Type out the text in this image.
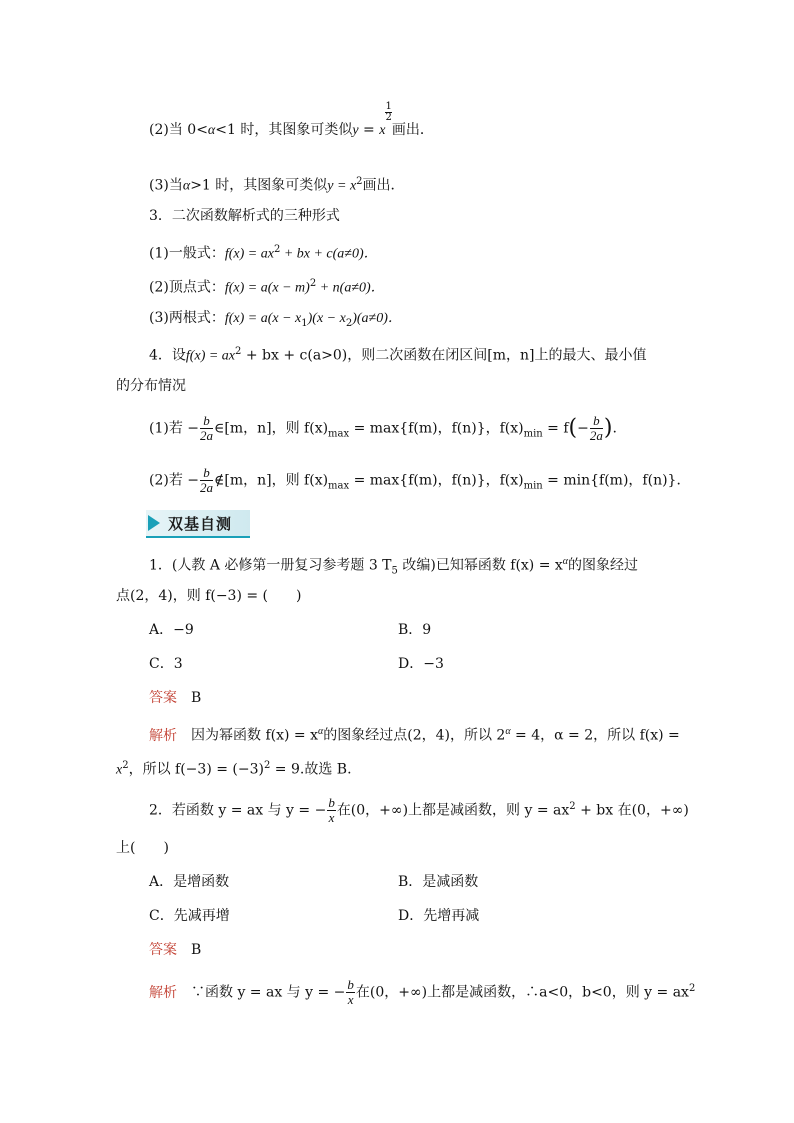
(2)当 0<α<1 时，其图象可类似y = x
$\frac{1}{2}$
画出．
(3)当α>1 时，其图象可类似$y = x^2$画出．
3．二次函数解析式的三种形式
(1)一般式：$f(x) = ax^2$ + bx + c(a≠0)．
(2)顶点式：$f(x) = a(x - m)^2 + n(a\ne 0)$．
(3)两根式：$f(x) = a(x - x_1)(x - x_2)(a\ne 0)$．
4．设$f(x) = ax^2$ + bx + c(a>0)，则二次函数在闭区间[m，n]上的最大、最小值
的分布情况
(1)若 − $\frac{b}{2a}$ ∈[m，n]，则 $f(x)_{max} = \max\{f(m)$，f(n)}，$f(x)_{min} = f(- \frac{b}{2a}$ ).
(2)若 − $\frac{b}{2a}$ ∉[m，n]，则 $f(x)_{max} = \max\{f(m)$，f(n)}，$f(x)_{min} = \min\{f(m)$，f(n)}．
双基自测
1．(人教 A 必修第一册复习参考题 3 $T_5$ 改编)已知幂函数 $f(x) = x^\alpha$的图象经过
点(2，4)，则 f(−3) = (　　)
A．−9	B．9
C．3	D．−3
答案 B
解析 因为幂函数 $f(x) = x^\alpha$的图象经过点(2，4)，所以 $2^\alpha = 4$，α = 2，所以 f(x) =
$x^2$，所以 $f(-3) = (-3)^2 = 9$.故选 B.
2．若函数 y = ax 与 y = − $\frac{b}{x}$ 在(0，+∞)上都是减函数，则 $y = ax^2$ + bx 在(0，+∞)
上(　　)
A．是增函数	B．是减函数
C．先减再增	D．先增再减
答案 B
解析 ∵函数 y = ax 与 y = − $\frac{b}{x}$ 在(0，+∞)上都是减函数，∴a<0，b<0，则 $y = ax^2$
